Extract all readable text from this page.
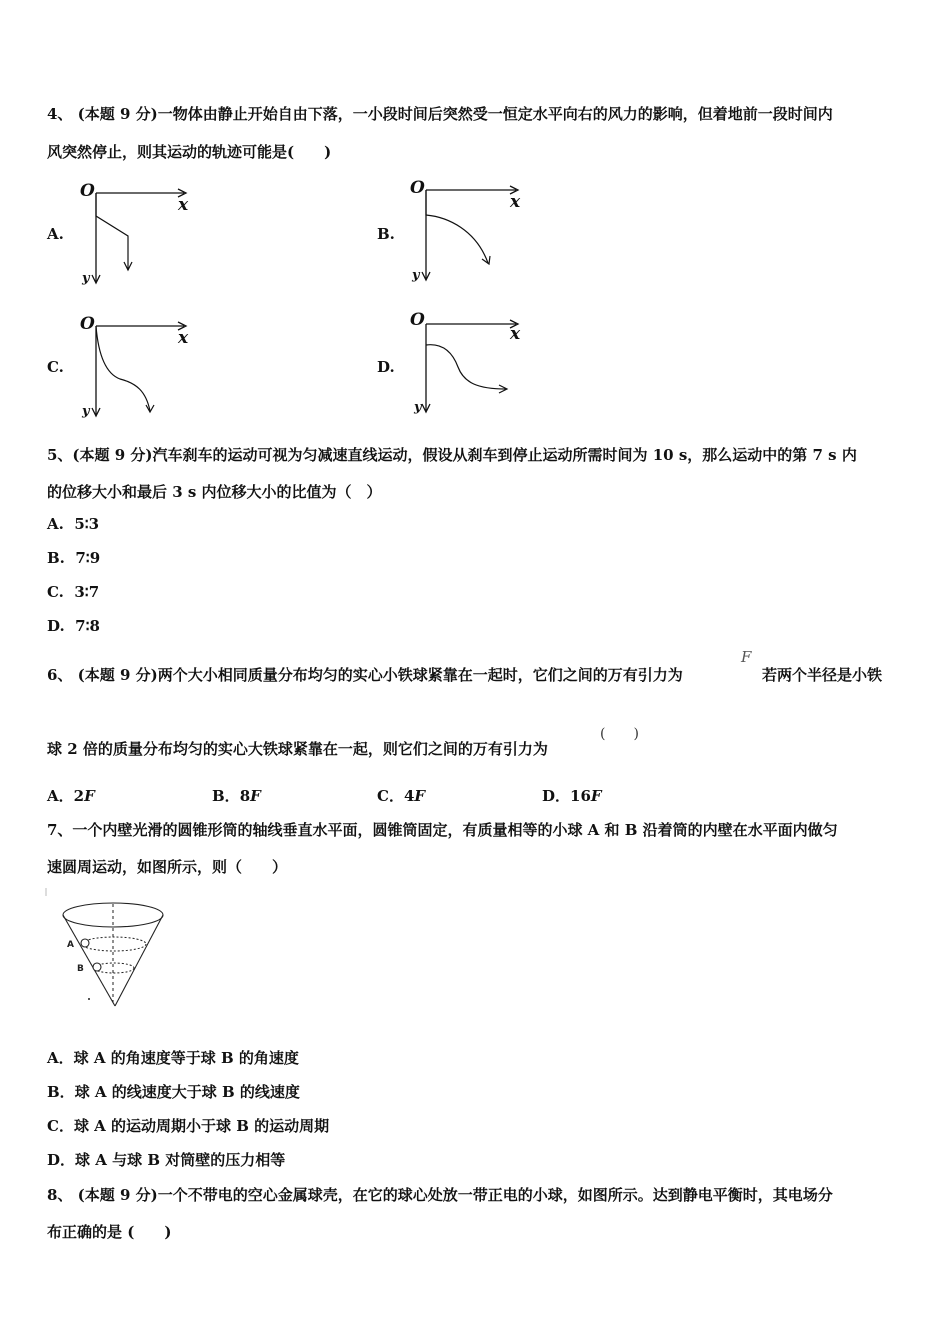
4、 (本题 9 分)一物体由静止开始自由下落，一小段时间后突然受一恒定水平向右的风力的影响，但着地前一段时间内
风突然停止，则其运动的轨迹可能是(　　)
A.
O
x
y
B.
O
x
y
C.
O
x
y
D.
O
x
y
5、(本题 9 分)汽车刹车的运动可视为匀减速直线运动，假设从刹车到停止运动所需时间为 10 s，那么运动中的第 7 s 内
的位移大小和最后 3 s 内位移大小的比值为（　）
A. 5∶3
B. 7∶9
C. 3∶7
D. 7∶8
6、 (本题 9 分)两个大小相同质量分布均匀的实心小铁球紧靠在一起时，它们之间的万有引力为
F
若两个半径是小铁
球 2 倍的质量分布均匀的实心大铁球紧靠在一起，则它们之间的万有引力为
(　　)
A．2F	B．8F	C．4F	D．16F
7、一个内壁光滑的圆锥形筒的轴线垂直水平面，圆锥筒固定，有质量相等的小球 A 和 B 沿着筒的内壁在水平面内做匀
速圆周运动，如图所示，则（　　）
A
B
A．球 A 的角速度等于球 B 的角速度
B．球 A 的线速度大于球 B 的线速度
C．球 A 的运动周期小于球 B 的运动周期
D．球 A 与球 B 对筒壁的压力相等
8、 (本题 9 分)一个不带电的空心金属球壳，在它的球心处放一带正电的小球，如图所示。达到静电平衡时，其电场分
布正确的是 (　　)
